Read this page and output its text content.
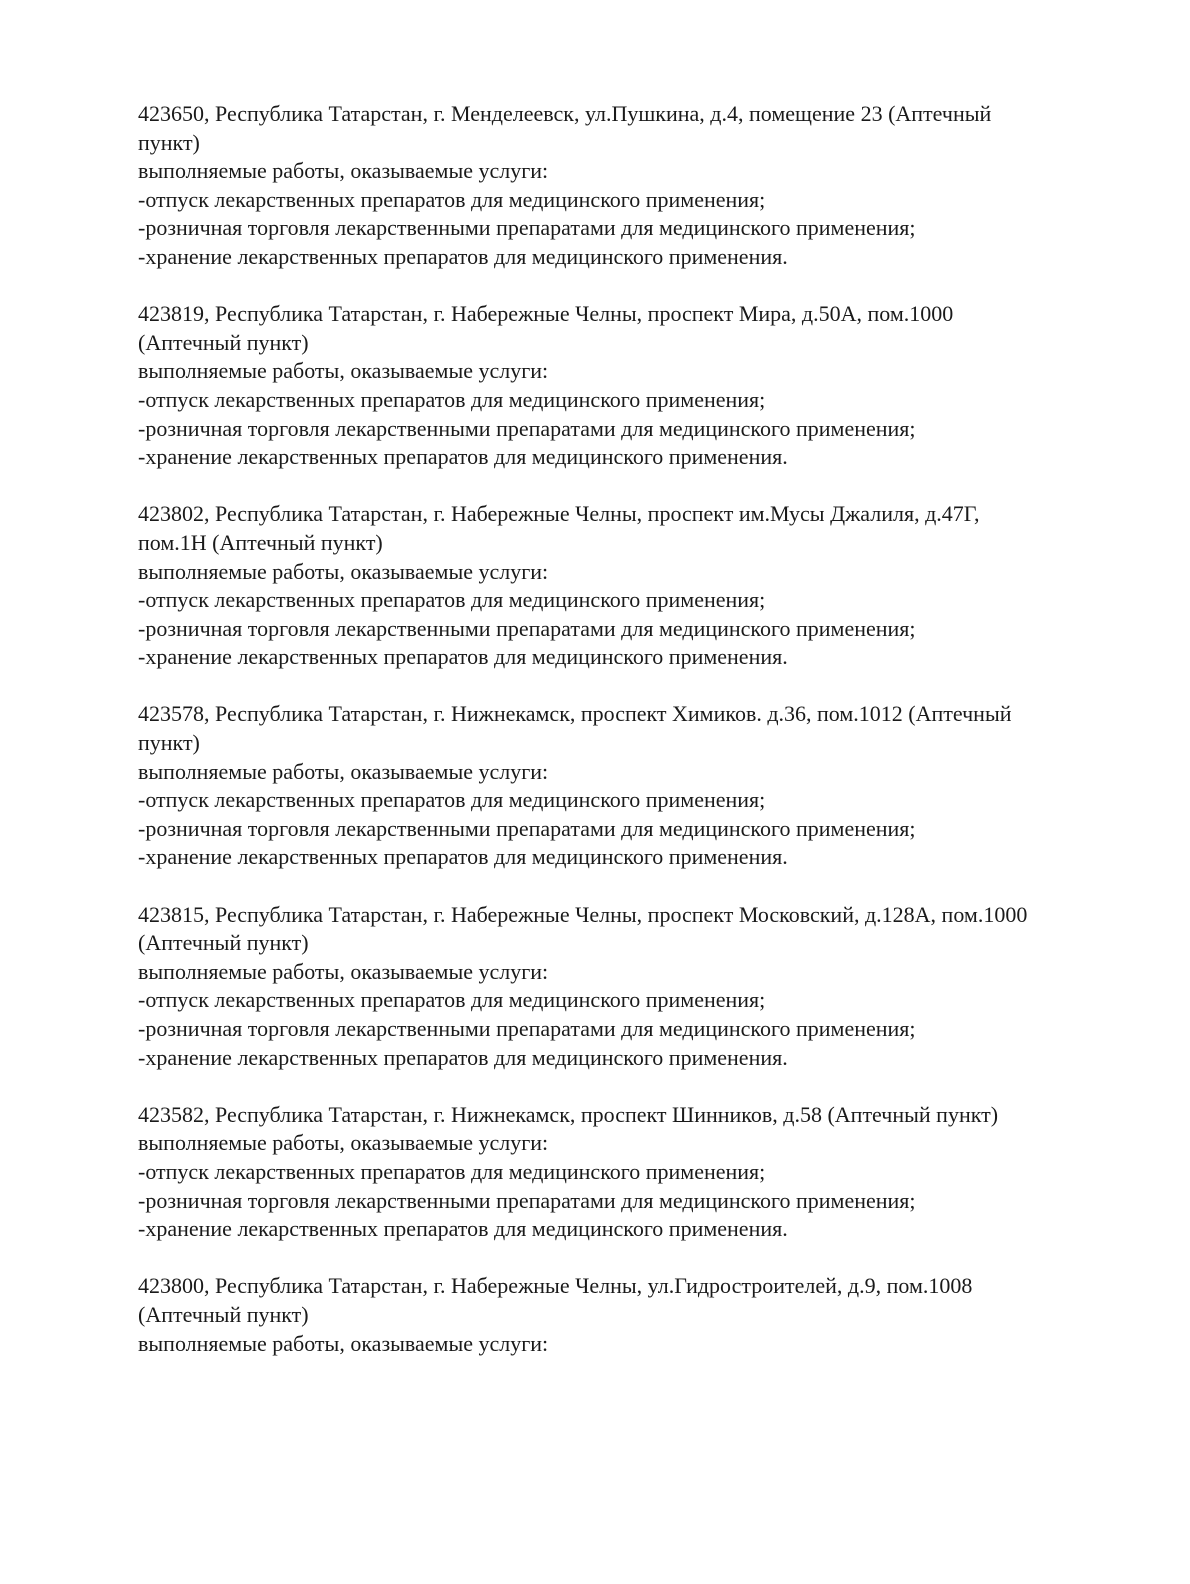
423650, Республика Татарстан, г. Менделеевск, ул.Пушкина, д.4, помещение 23 (Аптечный
пункт)
выполняемые работы, оказываемые услуги:
-отпуск лекарственных препаратов для медицинского применения;
-розничная торговля лекарственными препаратами для медицинского применения;
-хранение лекарственных препаратов для медицинского применения.
423819, Республика Татарстан, г. Набережные Челны, проспект Мира, д.50А, пом.1000
(Аптечный пункт)
выполняемые работы, оказываемые услуги:
-отпуск лекарственных препаратов для медицинского применения;
-розничная торговля лекарственными препаратами для медицинского применения;
-хранение лекарственных препаратов для медицинского применения.
423802, Республика Татарстан, г. Набережные Челны, проспект им.Мусы Джалиля, д.47Г,
пом.1Н (Аптечный пункт)
выполняемые работы, оказываемые услуги:
-отпуск лекарственных препаратов для медицинского применения;
-розничная торговля лекарственными препаратами для медицинского применения;
-хранение лекарственных препаратов для медицинского применения.
423578, Республика Татарстан, г. Нижнекамск, проспект Химиков. д.36, пом.1012 (Аптечный
пункт)
выполняемые работы, оказываемые услуги:
-отпуск лекарственных препаратов для медицинского применения;
-розничная торговля лекарственными препаратами для медицинского применения;
-хранение лекарственных препаратов для медицинского применения.
423815, Республика Татарстан, г. Набережные Челны, проспект Московский, д.128А, пом.1000
(Аптечный пункт)
выполняемые работы, оказываемые услуги:
-отпуск лекарственных препаратов для медицинского применения;
-розничная торговля лекарственными препаратами для медицинского применения;
-хранение лекарственных препаратов для медицинского применения.
423582, Республика Татарстан, г. Нижнекамск, проспект Шинников, д.58 (Аптечный пункт)
выполняемые работы, оказываемые услуги:
-отпуск лекарственных препаратов для медицинского применения;
-розничная торговля лекарственными препаратами для медицинского применения;
-хранение лекарственных препаратов для медицинского применения.
423800, Республика Татарстан, г. Набережные Челны, ул.Гидростроителей, д.9, пом.1008
(Аптечный пункт)
выполняемые работы, оказываемые услуги:
